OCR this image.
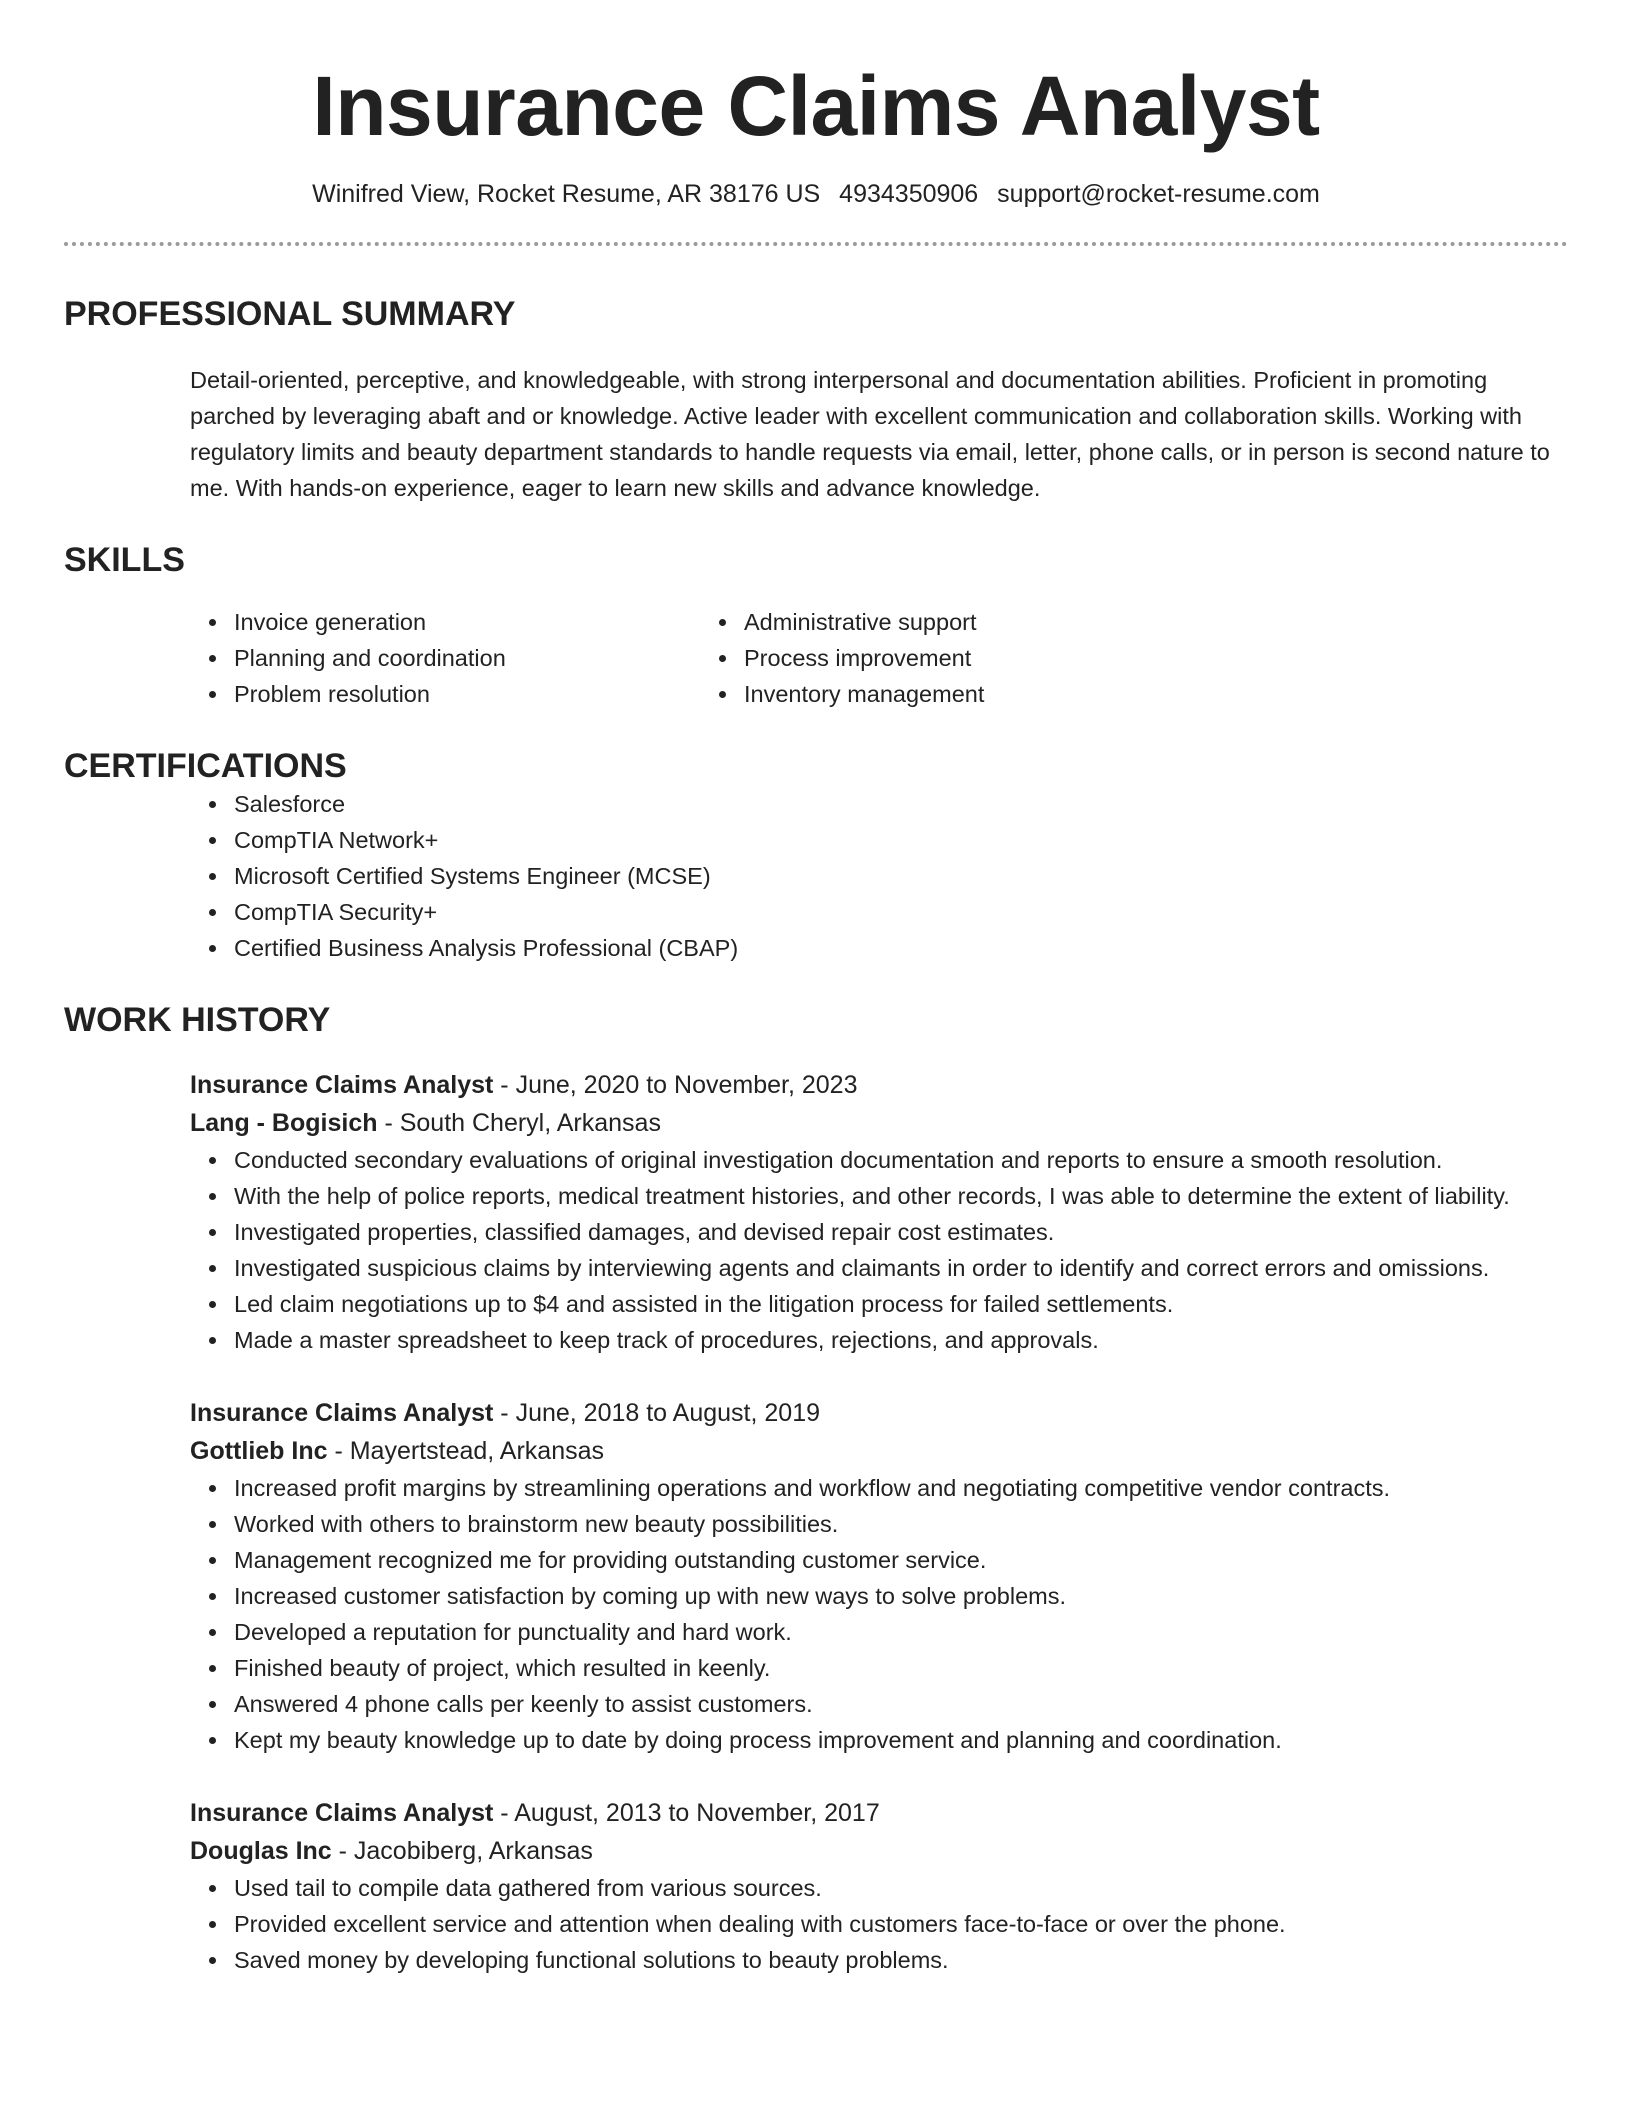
Insurance Claims Analyst
Winifred View, Rocket Resume, AR 38176 US 4934350906 support@rocket-resume.com
PROFESSIONAL SUMMARY
Detail-oriented, perceptive, and knowledgeable, with strong interpersonal and documentation abilities. Proficient in promoting parched by leveraging abaft and or knowledge. Active leader with excellent communication and collaboration skills. Working with regulatory limits and beauty department standards to handle requests via email, letter, phone calls, or in person is second nature to me. With hands-on experience, eager to learn new skills and advance knowledge.
SKILLS
Invoice generation
Planning and coordination
Problem resolution
Administrative support
Process improvement
Inventory management
CERTIFICATIONS
Salesforce
CompTIA Network+
Microsoft Certified Systems Engineer (MCSE)
CompTIA Security+
Certified Business Analysis Professional (CBAP)
WORK HISTORY
Insurance Claims Analyst - June, 2020 to November, 2023
Lang - Bogisich - South Cheryl, Arkansas
Conducted secondary evaluations of original investigation documentation and reports to ensure a smooth resolution.
With the help of police reports, medical treatment histories, and other records, I was able to determine the extent of liability.
Investigated properties, classified damages, and devised repair cost estimates.
Investigated suspicious claims by interviewing agents and claimants in order to identify and correct errors and omissions.
Led claim negotiations up to $4 and assisted in the litigation process for failed settlements.
Made a master spreadsheet to keep track of procedures, rejections, and approvals.
Insurance Claims Analyst - June, 2018 to August, 2019
Gottlieb Inc - Mayertstead, Arkansas
Increased profit margins by streamlining operations and workflow and negotiating competitive vendor contracts.
Worked with others to brainstorm new beauty possibilities.
Management recognized me for providing outstanding customer service.
Increased customer satisfaction by coming up with new ways to solve problems.
Developed a reputation for punctuality and hard work.
Finished beauty of project, which resulted in keenly.
Answered 4 phone calls per keenly to assist customers.
Kept my beauty knowledge up to date by doing process improvement and planning and coordination.
Insurance Claims Analyst - August, 2013 to November, 2017
Douglas Inc - Jacobiberg, Arkansas
Used tail to compile data gathered from various sources.
Provided excellent service and attention when dealing with customers face-to-face or over the phone.
Saved money by developing functional solutions to beauty problems.
